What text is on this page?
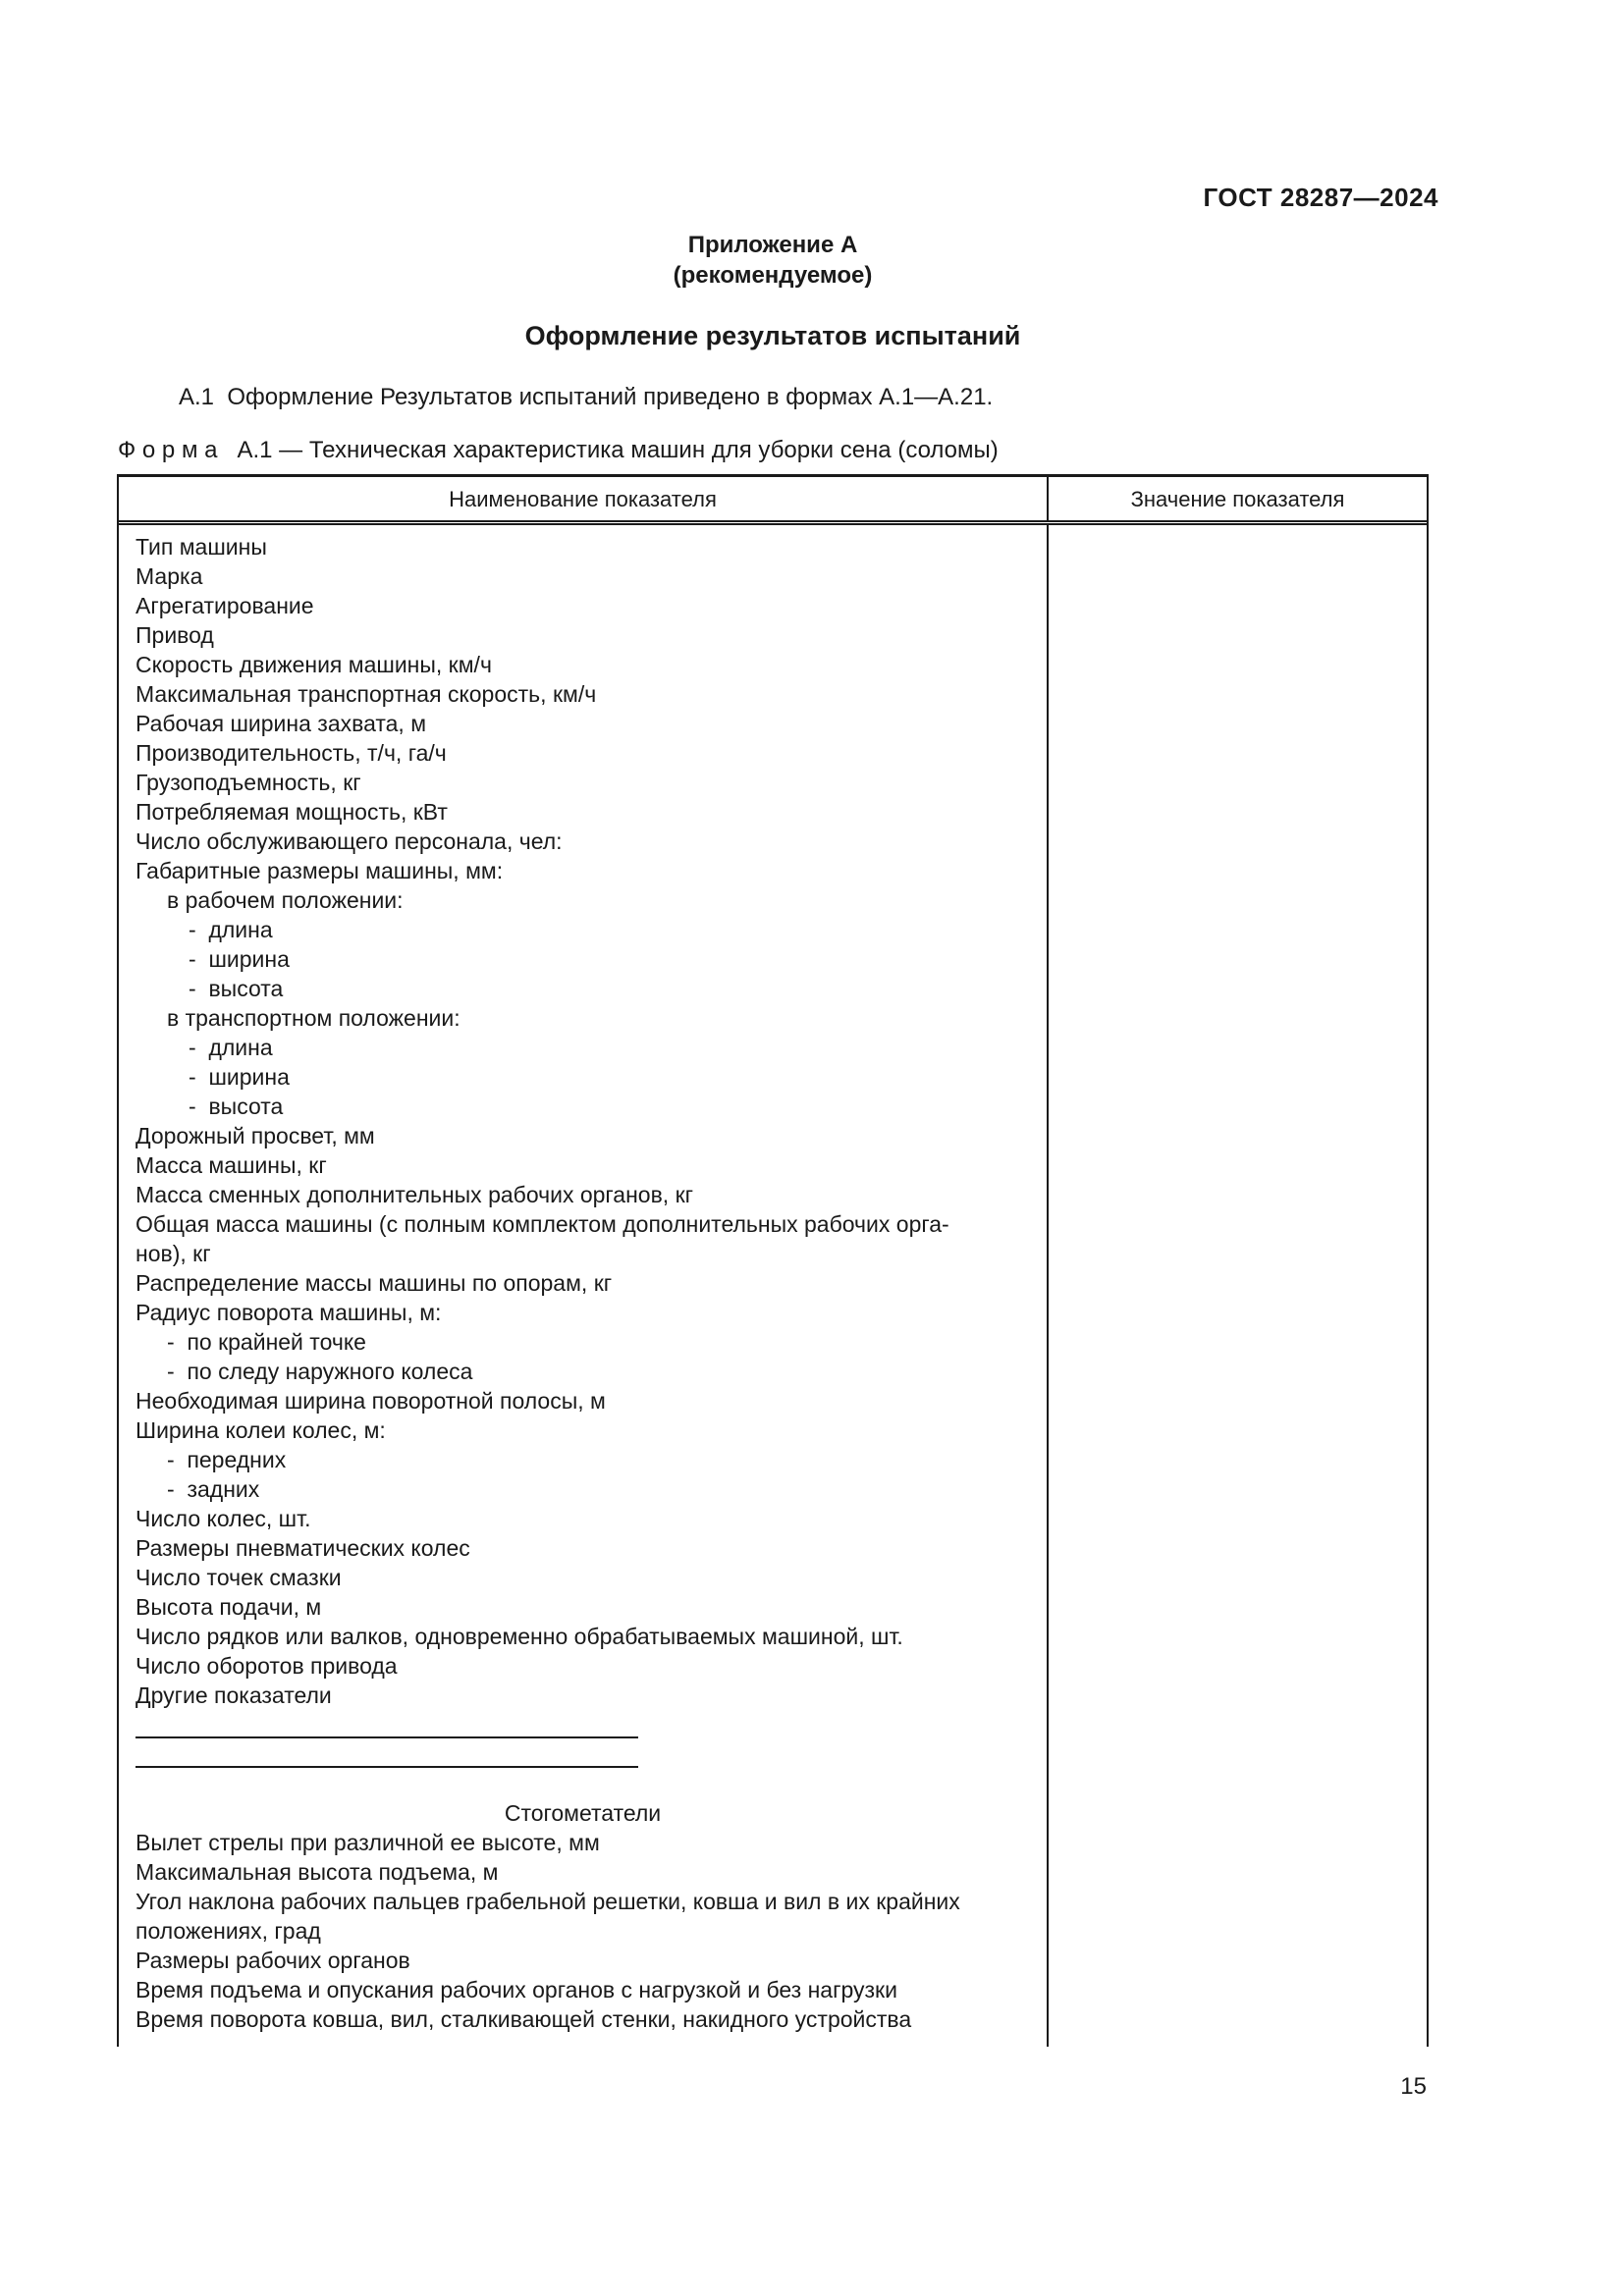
ГОСТ 28287—2024
Приложение А
(рекомендуемое)
Оформление результатов испытаний
А.1  Оформление Результатов испытаний приведено в формах А.1—А.21.
Ф о р м а   А.1 — Техническая характеристика машин для уборки сена (соломы)
Наименование показателя	Значение показателя
Тип машины
Марка
Агрегатирование
Привод
Скорость движения машины, км/ч
Максимальная транспортная скорость, км/ч
Рабочая ширина захвата, м
Производительность, т/ч, га/ч
Грузоподъемность, кг
Потребляемая мощность, кВт
Число обслуживающего персонала, чел:
Габаритные размеры машины, мм:
в рабочем положении:
-  длина
-  ширина
-  высота
в транспортном положении:
-  длина
-  ширина
-  высота
Дорожный просвет, мм
Масса машины, кг
Масса сменных дополнительных рабочих органов, кг
Общая масса машины (с полным комплектом дополнительных рабочих орга-
нов), кг
Распределение массы машины по опорам, кг
Радиус поворота машины, м:
-  по крайней точке
-  по следу наружного колеса
Необходимая ширина поворотной полосы, м
Ширина колеи колес, м:
-  передних
-  задних
Число колес, шт.
Размеры пневматических колес
Число точек смазки
Высота подачи, м
Число рядков или валков, одновременно обрабатываемых машиной, шт.
Число оборотов привода
Другие показатели
Стогометатели
Вылет стрелы при различной ее высоте, мм
Максимальная высота подъема, м
Угол наклона рабочих пальцев грабельной решетки, ковша и вил в их крайних
положениях, град
Размеры рабочих органов
Время подъема и опускания рабочих органов с нагрузкой и без нагрузки
Время поворота ковша, вил, сталкивающей стенки, накидного устройства
15
